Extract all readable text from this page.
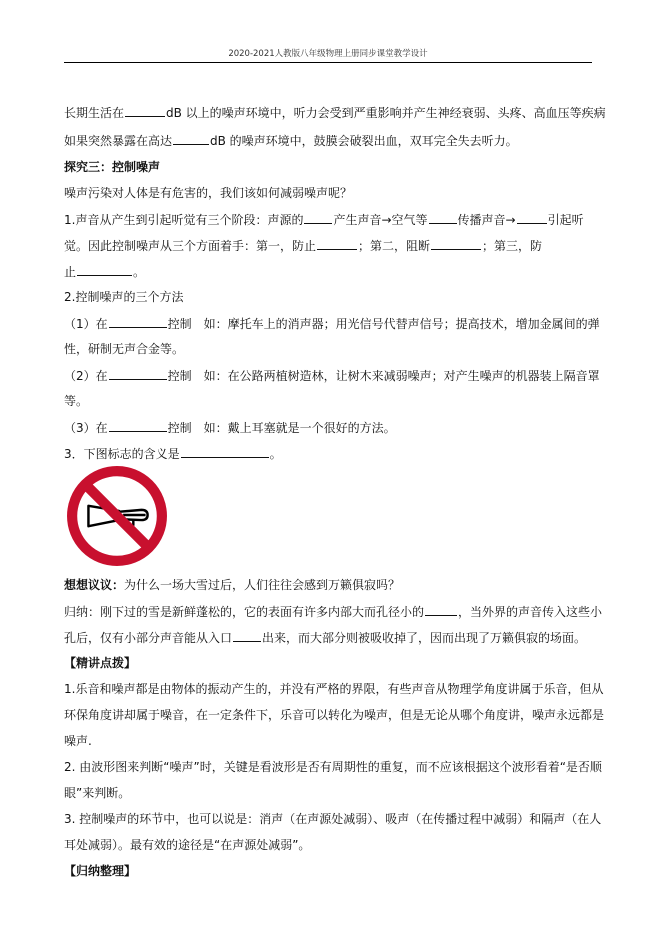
2020-2021人教版八年级物理上册同步课堂教学设计
长期生活在	dB 以上的噪声环境中，听力会受到严重影响并产生神经衰弱、头疼、高血压等疾病
如果突然暴露在高达	dB 的噪声环境中，鼓膜会破裂出血，双耳完全失去听力。
探究三：控制噪声
噪声污染对人体是有危害的，我们该如何减弱噪声呢？
1.声音从产生到引起听觉有三个阶段：声源的	产生声音→空气等	传播声音→	引起听
觉。因此控制噪声从三个方面着手：第一，防止	；第二，阻断	；第三，防
止	。
2.控制噪声的三个方法
（1）在	控制　如：摩托车上的消声器；用光信号代替声信号；提高技术，增加金属间的弹
性，研制无声合金等。
（2）在	控制　如：在公路两植树造林，让树木来减弱噪声；对产生噪声的机器装上隔音罩
等。
（3）在	控制　如：戴上耳塞就是一个很好的方法。
3．下图标志的含义是	。
想想议议：为什么一场大雪过后，人们往往会感到万籁俱寂吗？
归纳：刚下过的雪是新鲜蓬松的，它的表面有许多内部大而孔径小的	，当外界的声音传入这些小
孔后，仅有小部分声音能从入口	出来，而大部分则被吸收掉了，因而出现了万籁俱寂的场面。
【精讲点拨】
1.乐音和噪声都是由物体的振动产生的，并没有严格的界限，有些声音从物理学角度讲属于乐音，但从
环保角度讲却属于噪音，在一定条件下，乐音可以转化为噪声，但是无论从哪个角度讲，噪声永远都是
噪声.
2. 由波形图来判断“噪声”时，关键是看波形是否有周期性的重复，而不应该根据这个波形看着“是否顺
眼”来判断。
3. 控制噪声的环节中，也可以说是：消声（在声源处减弱）、吸声（在传播过程中减弱）和隔声（在人
耳处减弱）。最有效的途径是“在声源处减弱”。
【归纳整理】
